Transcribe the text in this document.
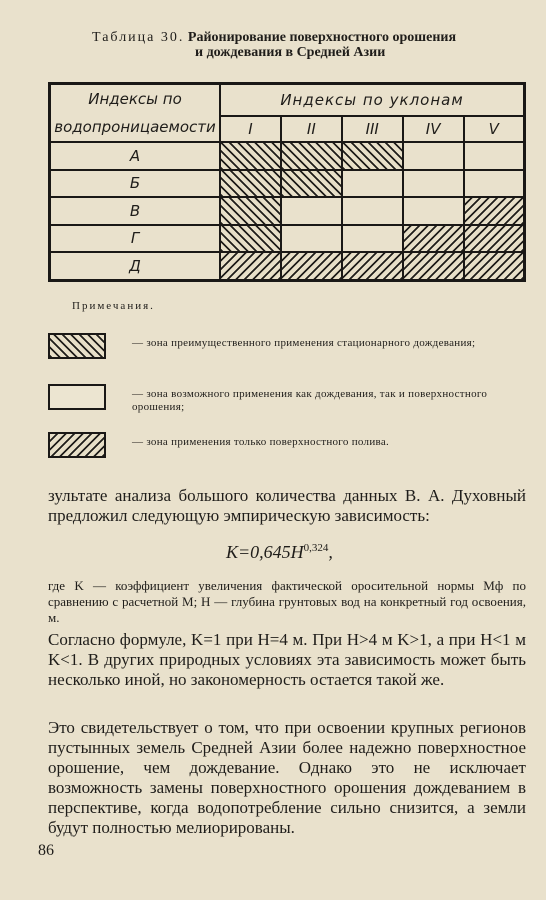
Таблица 30. Районирование поверхностного орошения
и дождевания в Средней Азии
Индексы по водопроницаемости	Индексы по уклонам				
	I	II	III	IV	V
А					
Б					
В					
Г					
Д					
Примечания.
— зона преимущественного применения стационарного дождевания;
— зона возможного применения как дождевания, так и поверхностного орошения;
— зона применения только поверхностного полива.
зультате анализа большого количества данных В. А. Духовный предложил следующую эмпирическую зависимость:
$K=0,645H^{0,324}$,
где K — коэффициент увеличения фактической оросительной нормы Mф по сравнению с расчетной M; H — глубина грунтовых вод на конкретный год освоения, м.
Согласно формуле, K=1 при H=4 м. При H>4 м K>1, а при H<1 м K<1. В других природных условиях эта зависимость может быть несколько иной, но закономерность остается такой же.
Это свидетельствует о том, что при освоении крупных регионов пустынных земель Средней Азии более надежно поверхностное орошение, чем дождевание. Однако это не исключает возможность замены поверхностного орошения дождеванием в перспективе, когда водопотребление сильно снизится, а земли будут полностью мелиорированы.
86
